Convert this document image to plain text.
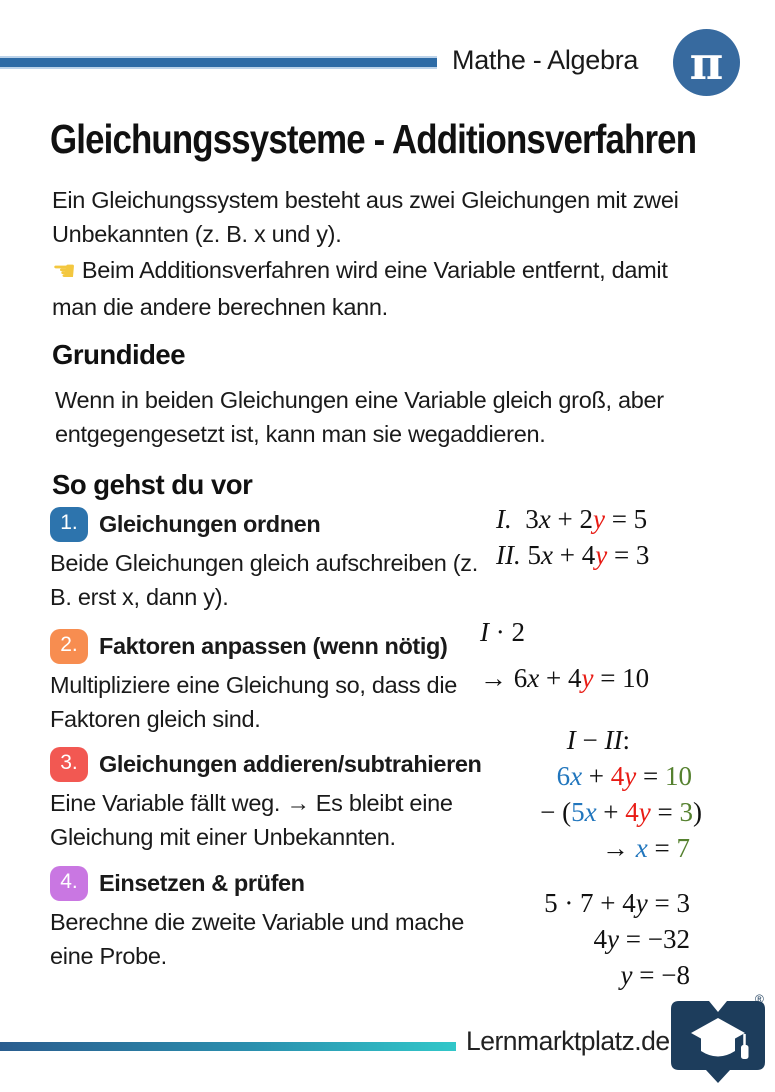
Mathe - Algebra π
Gleichungssysteme - Additionsverfahren
Ein Gleichungssystem besteht aus zwei Gleichungen mit zwei
Unbekannten (z. B. x und y).
☚ Beim Additionsverfahren wird eine Variable entfernt, damit
man die andere berechnen kann.
Grundidee
Wenn in beiden Gleichungen eine Variable gleich groß, aber
entgegengesetzt ist, kann man sie wegaddieren.
So gehst du vor
1. Gleichungen ordnen
Beide Gleichungen gleich aufschreiben (z.
B. erst x, dann y).
2. Faktoren anpassen (wenn nötig)
Multipliziere eine Gleichung so, dass die
Faktoren gleich sind.
3. Gleichungen addieren/subtrahieren
Eine Variable fällt weg. → Es bleibt eine
Gleichung mit einer Unbekannten.
4. Einsetzen & prüfen
Berechne die zweite Variable und mache
eine Probe.
I.  3x + 2y = 5
II. 5x + 4y = 3
I · 2
→ 6x + 4y = 10
I − II:
6x + 4y = 10
− (5x + 4y = 3)
→ x = 7
5 · 7 + 4y = 3
4y = −32
y = −8
Lernmarktplatz.de
®
